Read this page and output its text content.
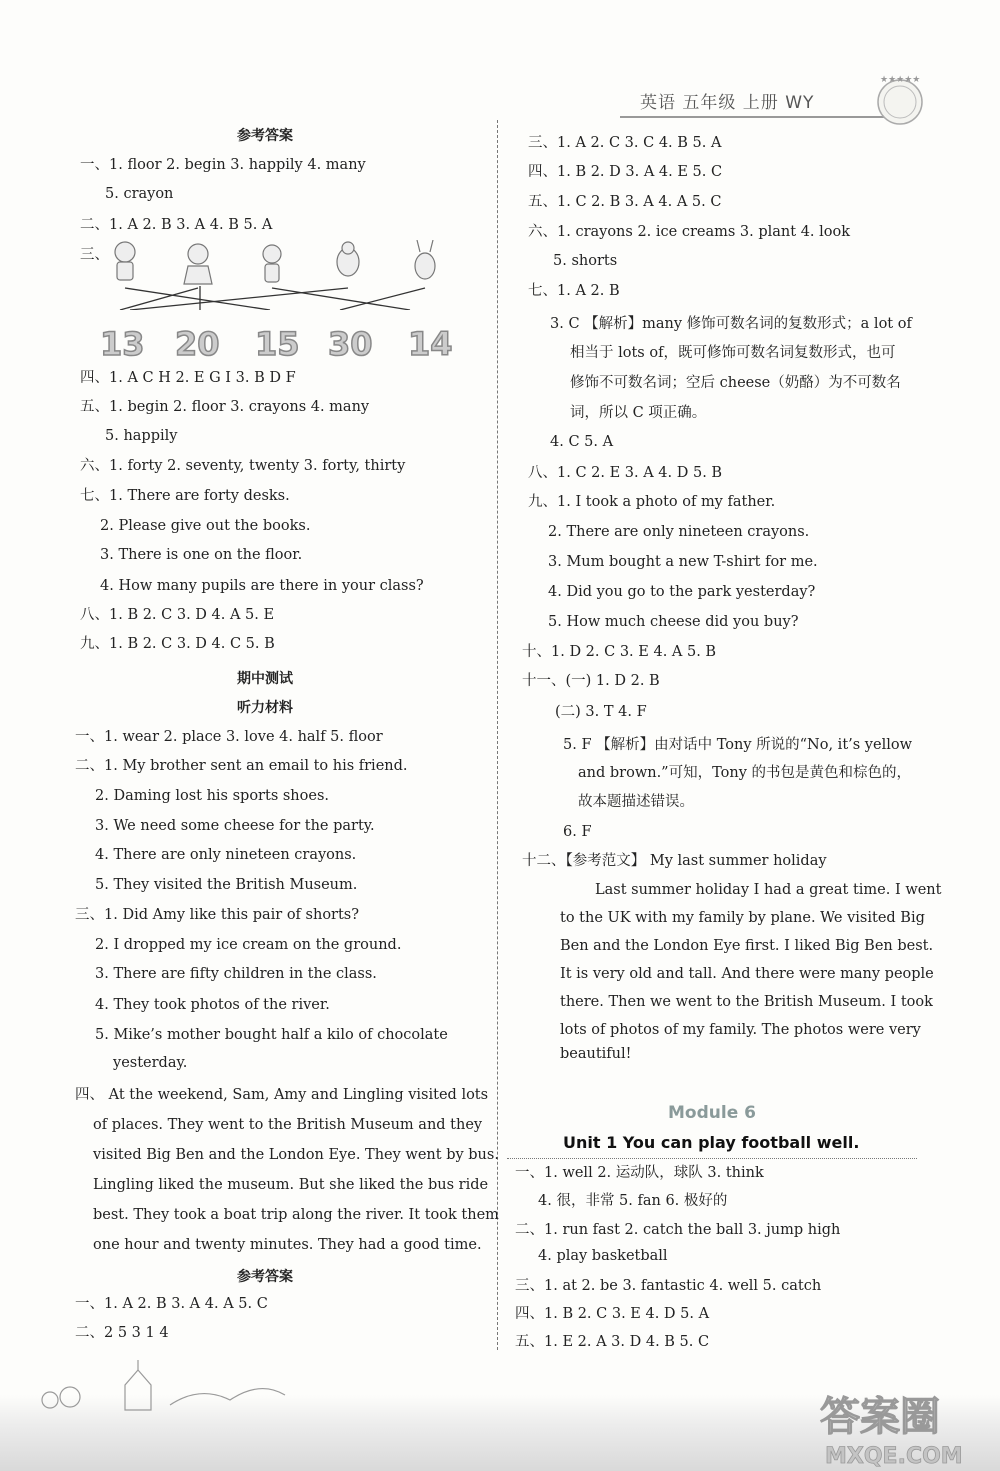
英语 五年级 上册 WY
★★★★★
参考答案
一、1. floor 2. begin 3. happily 4. many
5. crayon
二、1. A 2. B 3. A 4. B 5. A
三、
四、1. A C H 2. E G I 3. B D F
五、1. begin 2. floor 3. crayons 4. many
5. happily
六、1. forty 2. seventy, twenty 3. forty, thirty
七、1. There are forty desks.
2. Please give out the books.
3. There is one on the floor.
4. How many pupils are there in your class?
八、1. B 2. C 3. D 4. A 5. E
九、1. B 2. C 3. D 4. C 5. B
期中测试
听力材料
一、1. wear 2. place 3. love 4. half 5. floor
二、1. My brother sent an email to his friend.
2. Daming lost his sports shoes.
3. We need some cheese for the party.
4. There are only nineteen crayons.
5. They visited the British Museum.
三、1. Did Amy like this pair of shorts?
2. I dropped my ice cream on the ground.
3. There are fifty children in the class.
4. They took photos of the river.
5. Mike’s mother bought half a kilo of chocolate
yesterday.
四、 At the weekend, Sam, Amy and Lingling visited lots
of places. They went to the British Museum and they
visited Big Ben and the London Eye. They went by bus.
Lingling liked the museum. But she liked the bus ride
best. They took a boat trip along the river. It took them
one hour and twenty minutes. They had a good time.
参考答案
一、1. A 2. B 3. A 4. A 5. C
二、2 5 3 1 4
三、1. A 2. C 3. C 4. B 5. A
四、1. B 2. D 3. A 4. E 5. C
五、1. C 2. B 3. A 4. A 5. C
六、1. crayons 2. ice creams 3. plant 4. look
5. shorts
七、1. A 2. B
3. C 【解析】many 修饰可数名词的复数形式；a lot of
相当于 lots of，既可修饰可数名词复数形式，也可
修饰不可数名词；空后 cheese（奶酪）为不可数名
词，所以 C 项正确。
4. C 5. A
八、1. C 2. E 3. A 4. D 5. B
九、1. I took a photo of my father.
2. There are only nineteen crayons.
3. Mum bought a new T-shirt for me.
4. Did you go to the park yesterday?
5. How much cheese did you buy?
十、1. D 2. C 3. E 4. A 5. B
十一、(一) 1. D 2. B
(二) 3. T 4. F
5. F 【解析】由对话中 Tony 所说的“No, it’s yellow
and brown.”可知，Tony 的书包是黄色和棕色的，
故本题描述错误。
6. F
十二、【参考范文】 My last summer holiday
Last summer holiday I had a great time. I went
to the UK with my family by plane. We visited Big
Ben and the London Eye first. I liked Big Ben best.
It is very old and tall. And there were many people
there. Then we went to the British Museum. I took
lots of photos of my family. The photos were very
beautiful!
一、1. well 2. 运动队，球队 3. think
4. 很，非常 5. fan 6. 极好的
二、1. run fast 2. catch the ball 3. jump high
4. play basketball
三、1. at 2. be 3. fantastic 4. well 5. catch
四、1. B 2. C 3. E 4. D 5. A
五、1. E 2. A 3. D 4. B 5. C
13 20 15 30 14
Module 6
Unit 1 You can play football well.
答案圈
MXQE.COM
